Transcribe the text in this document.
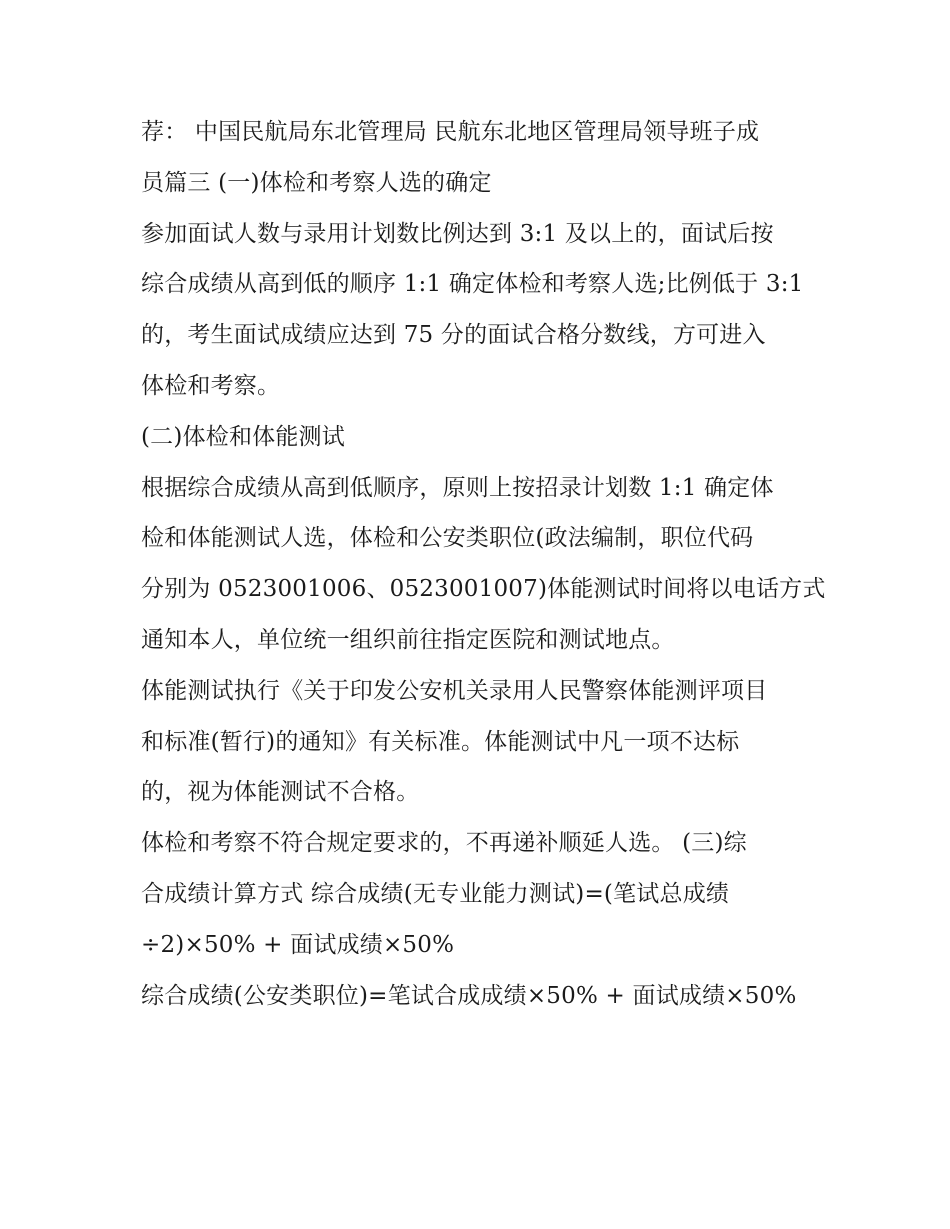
荐： 中国民航局东北管理局 民航东北地区管理局领导班子成
员篇三 (一)体检和考察人选的确定
参加面试人数与录用计划数比例达到 3:1 及以上的，面试后按
综合成绩从高到低的顺序 1:1 确定体检和考察人选;比例低于 3:1
的，考生面试成绩应达到 75 分的面试合格分数线，方可进入
体检和考察。
(二)体检和体能测试
根据综合成绩从高到低顺序，原则上按招录计划数 1:1 确定体
检和体能测试人选，体检和公安类职位(政法编制，职位代码
分别为 0523001006、0523001007)体能测试时间将以电话方式
通知本人，单位统一组织前往指定医院和测试地点。
体能测试执行《关于印发公安机关录用人民警察体能测评项目
和标准(暂行)的通知》有关标准。体能测试中凡一项不达标
的，视为体能测试不合格。
体检和考察不符合规定要求的，不再递补顺延人选。 (三)综
合成绩计算方式 综合成绩(无专业能力测试)=(笔试总成绩
÷2)×50% + 面试成绩×50%
综合成绩(公安类职位)=笔试合成成绩×50% + 面试成绩×50%
